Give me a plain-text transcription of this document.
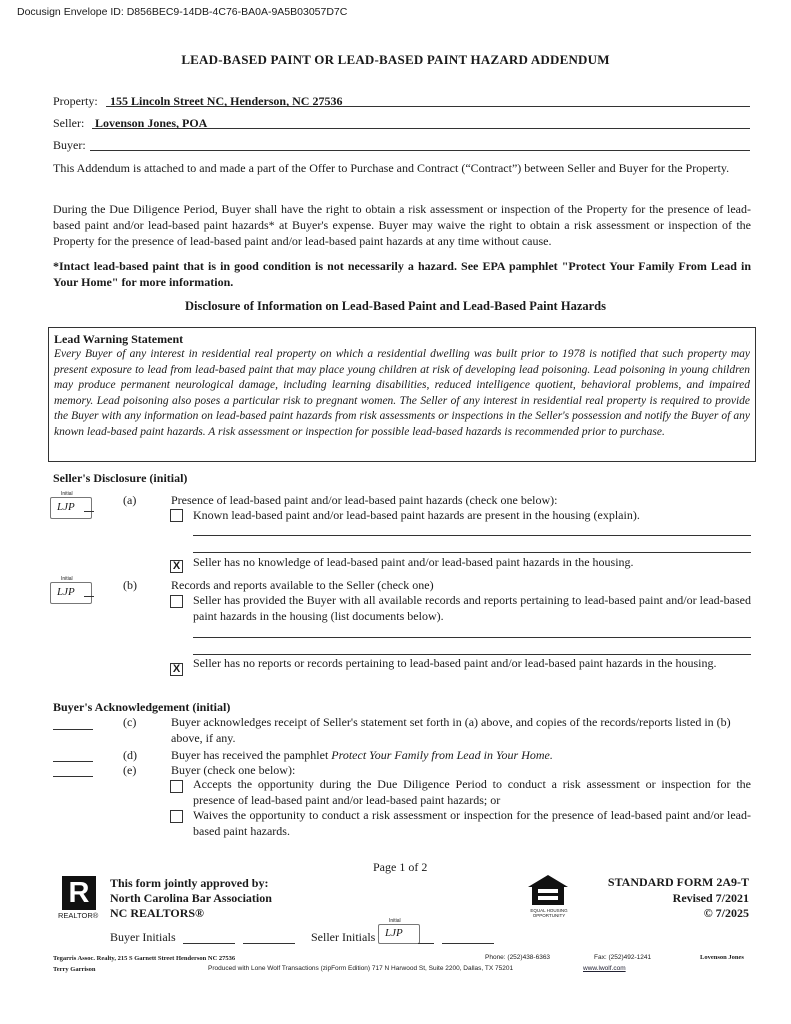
Docusign Envelope ID: D856BEC9-14DB-4C76-BA0A-9A5B03057D7C
LEAD-BASED PAINT OR LEAD-BASED PAINT HAZARD ADDENDUM
Property: 155 Lincoln Street NC, Henderson, NC 27536
Seller: Lovenson Jones, POA
Buyer:
This Addendum is attached to and made a part of the Offer to Purchase and Contract (“Contract”) between Seller and Buyer for the Property.
During the Due Diligence Period, Buyer shall have the right to obtain a risk assessment or inspection of the Property for the presence of lead-based paint and/or lead-based paint hazards* at Buyer's expense. Buyer may waive the right to obtain a risk assessment or inspection of the Property for the presence of lead-based paint and/or lead-based paint hazards at any time without cause.
*Intact lead-based paint that is in good condition is not necessarily a hazard. See EPA pamphlet "Protect Your Family From Lead in Your Home" for more information.
Disclosure of Information on Lead-Based Paint and Lead-Based Paint Hazards
Lead Warning Statement
Every Buyer of any interest in residential real property on which a residential dwelling was built prior to 1978 is notified that such property may present exposure to lead from lead-based paint that may place young children at risk of developing lead poisoning. Lead poisoning in young children may produce permanent neurological damage, including learning disabilities, reduced intelligence quotient, behavioral problems, and impaired memory. Lead poisoning also poses a particular risk to pregnant women. The Seller of any interest in residential real property is required to provide the Buyer with any information on lead-based paint hazards from risk assessments or inspections in the Seller's possession and notify the Buyer of any known lead-based paint hazards. A risk assessment or inspection for possible lead-based hazards is recommended prior to purchase.
Seller's Disclosure (initial)
Initial
LJP	(a)	Presence of lead-based paint and/or lead-based paint hazards (check one below):
Known lead-based paint and/or lead-based paint hazards are present in the housing (explain).
X Seller has no knowledge of lead-based paint and/or lead-based paint hazards in the housing.
Initial
LJP	(b)	Records and reports available to the Seller (check one)
Seller has provided the Buyer with all available records and reports pertaining to lead-based paint and/or lead-based paint hazards in the housing (list documents below).
X Seller has no reports or records pertaining to lead-based paint and/or lead-based paint hazards in the housing.
Buyer's Acknowledgement (initial)
(c)	Buyer acknowledges receipt of Seller's statement set forth in (a) above, and copies of the records/reports listed in (b) above, if any.
(d)	Buyer has received the pamphlet Protect Your Family from Lead in Your Home.
(e)	Buyer (check one below):
Accepts the opportunity during the Due Diligence Period to conduct a risk assessment or inspection for the presence of lead-based paint and/or lead-based paint hazards; or
Waives the opportunity to conduct a risk assessment or inspection for the presence of lead-based paint and/or lead-based paint hazards.
Page 1 of 2
R
REALTOR®
This form jointly approved by:
North Carolina Bar Association
NC REALTORS®	EQUAL HOUSING OPPORTUNITY
STANDARD FORM 2A9-T
Revised 7/2021
© 7/2025
Buyer Initials	Seller Initials
Initial
LJP
Tegarris Assoc. Realty, 215 S Garnett Street Henderson NC 27536	Phone: (252)438-6363	Fax: (252)492-1241	Lovenson Jones
Terry Garrison	Produced with Lone Wolf Transactions (zipForm Edition) 717 N Harwood St, Suite 2200, Dallas, TX 75201	www.lwolf.com
